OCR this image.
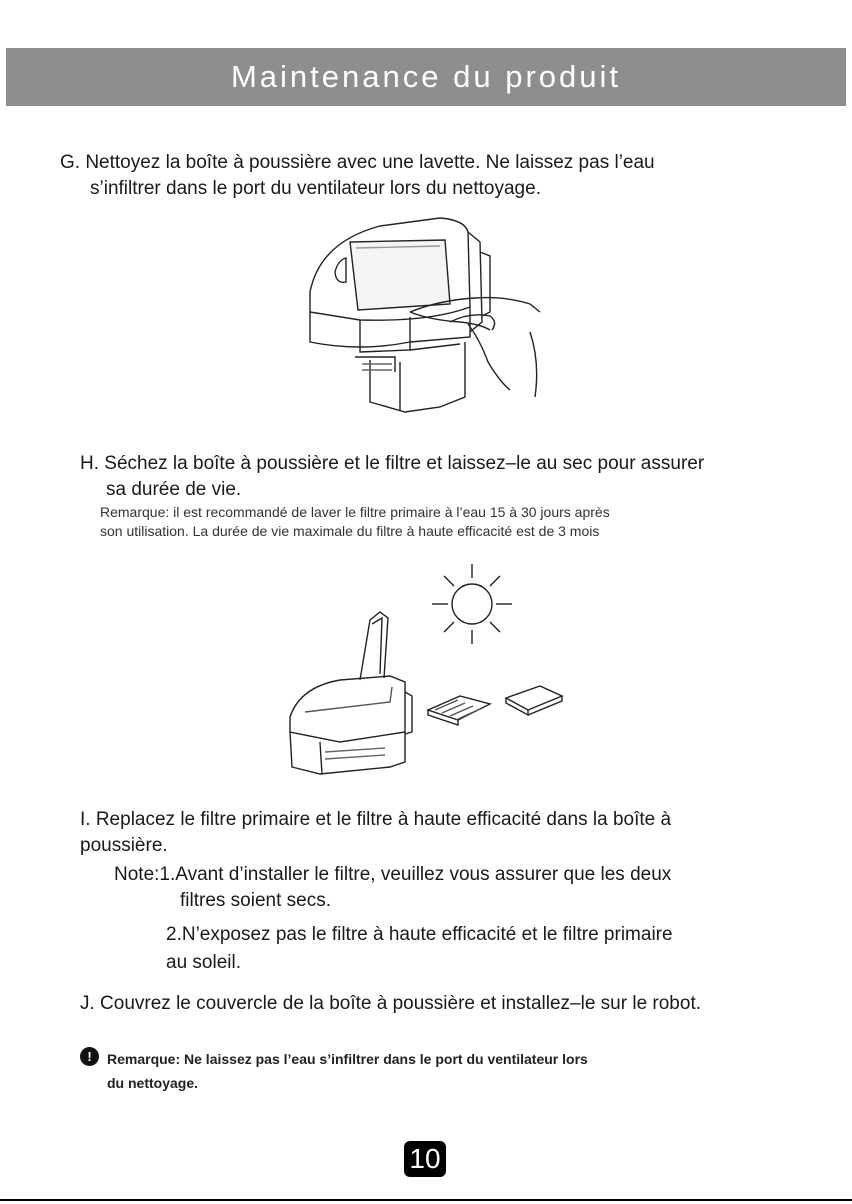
Maintenance du produit
G. Nettoyez la boîte à poussière avec une lavette. Ne laissez pas l’eau
s’infiltrer dans le port du ventilateur lors du nettoyage.
H. Séchez la boîte à poussière et le filtre et laissez–le au sec pour assurer
sa durée de vie.
Remarque: il est recommandé de laver le filtre primaire à l’eau 15 à 30 jours après
son utilisation. La durée de vie maximale du filtre à haute efficacité est de 3 mois
I. Replacez le filtre primaire et le filtre à haute efficacité dans la boîte à
poussière.
Note:1.Avant d’installer le filtre, veuillez vous assurer que les deux
filtres soient secs.
2.N’exposez pas le filtre à haute efficacité et le filtre primaire
au soleil.
J. Couvrez le couvercle de la boîte à poussière et installez–le sur le robot.
!	Remarque: Ne laissez pas l’eau s’infiltrer dans le port du ventilateur lors
du nettoyage.
10
